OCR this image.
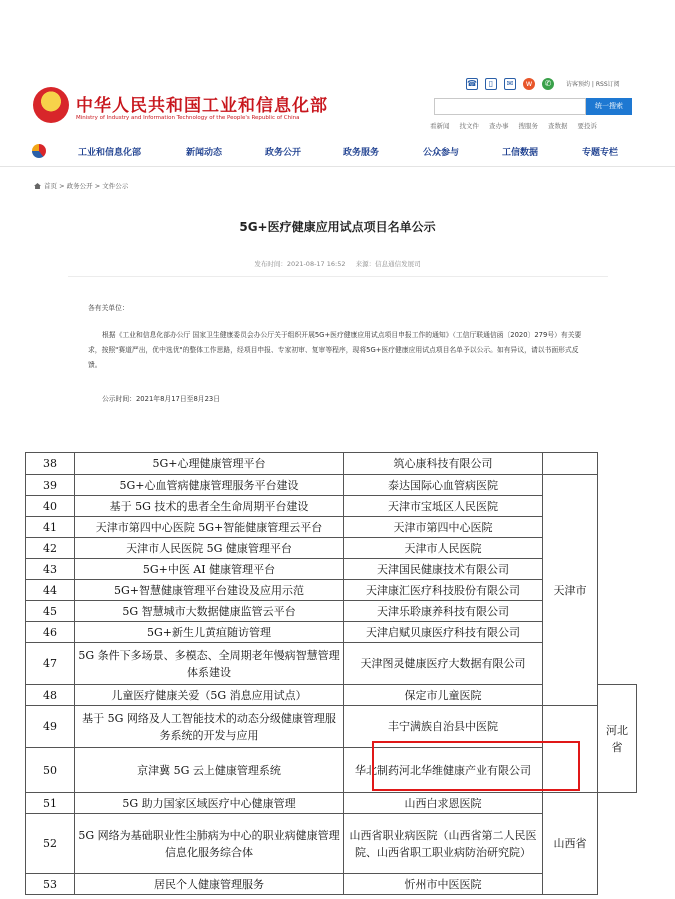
中华人民共和国工业和信息化部
Ministry of Industry and Information Technology of the People's Republic of China
☎	▯	✉	w	✆	访客预约 | RSS订阅
统一搜索
看新闻 找文件 查办事 搜服务 查数据 要投诉
工业和信息化部	新闻动态	政务公开	政务服务	公众参与	工信数据	专题专栏
首页 > 政务公开 > 文件公示
5G+医疗健康应用试点项目名单公示
发布时间：2021-08-17 16:52 来源：信息通信发展司
各有关单位：
根据《工业和信息化部办公厅 国家卫生健康委员会办公厅关于组织开展5G+医疗健康应用试点项目申报工作的通知》（工信厅联通信函〔2020〕279号）有关要求，按照"赛道严出，优中选优"的整体工作思路，经项目申报、专家初审、复审等程序，现将5G+医疗健康应用试点项目名单予以公示。如有异议，请以书面形式反馈。
公示时间：2021年8月17日至8月23日
38	5G+心理健康管理平台	筑心康科技有限公司		
39	5G+心血管病健康管理服务平台建设	泰达国际心血管病医院	天津市	
40	基于 5G 技术的患者全生命周期平台建设	天津市宝坻区人民医院		
41	天津市第四中心医院 5G+智能健康管理云平台	天津市第四中心医院		
42	天津市人民医院 5G 健康管理平台	天津市人民医院		
43	5G+中医 AI 健康管理平台	天津国民健康技术有限公司		
44	5G+智慧健康管理平台建设及应用示范	天津康汇医疗科技股份有限公司		
45	5G 智慧城市大数据健康监管云平台	天津乐聆康养科技有限公司		
46	5G+新生儿黄疸随访管理	天津启赋贝康医疗科技有限公司		
47	5G 条件下多场景、多模态、全周期老年慢病智慧管理体系建设	天津图灵健康医疗大数据有限公司		
48	儿童医疗健康关爱（5G 消息应用试点）	保定市儿童医院		河北省
49	基于 5G 网络及人工智能技术的动态分级健康管理服务系统的开发与应用	丰宁满族自治县中医院		
50	京津冀 5G 云上健康管理系统	华北制药河北华维健康产业有限公司		
51	5G 助力国家区域医疗中心健康管理	山西白求恩医院	山西省	
52	5G 网络为基础职业性尘肺病为中心的职业病健康管理信息化服务综合体	山西省职业病医院（山西省第二人民医院、山西省职工职业病防治研究院）		
53	居民个人健康管理服务	忻州市中医医院		
